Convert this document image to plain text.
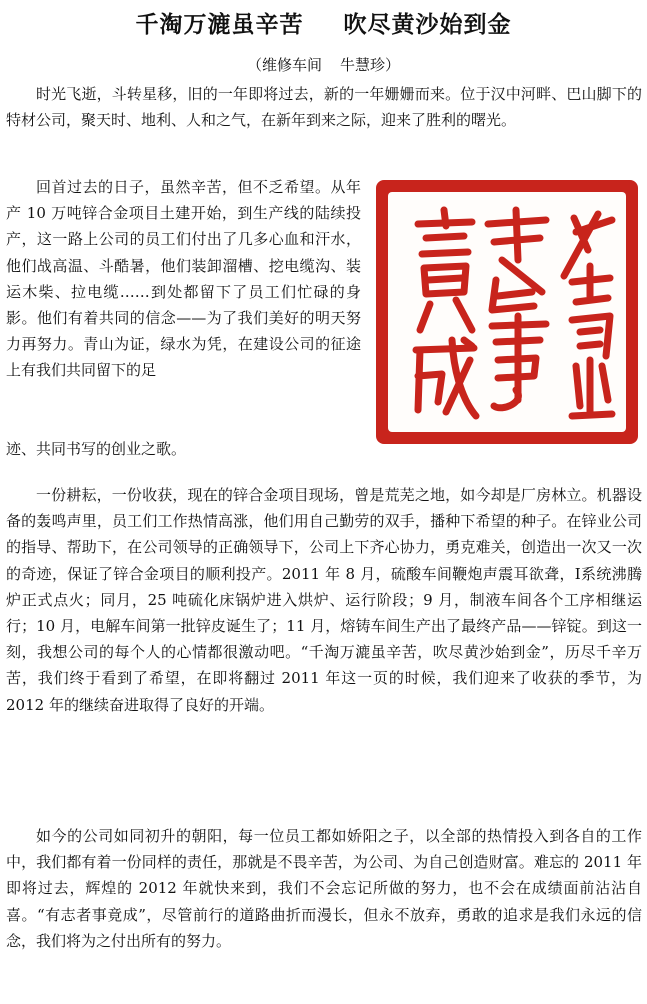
千淘万漉虽辛苦 吹尽黄沙始到金
（维修车间 牛慧珍）

时光飞逝，斗转星移，旧的一年即将过去，新的一年姗姗而来。位于汉中河畔、巴山脚下的特材公司，聚天时、地利、人和之气，在新年到来之际，迎来了胜利的曙光。

回首过去的日子，虽然辛苦，但不乏希望。从年产 10 万吨锌合金项目土建开始，到生产线的陆续投产，这一路上公司的员工们付出了几多心血和汗水，他们战高温、斗酷暑，他们装卸溜槽、挖电缆沟、装运木柴、拉电缆……到处都留下了员工们忙碌的身影。他们有着共同的信念——为了我们美好的明天努力再努力。青山为证，绿水为凭，在建设公司的征途上有我们共同留下的足

迹、共同书写的创业之歌。

一份耕耘，一份收获，现在的锌合金项目现场，曾是荒芜之地，如今却是厂房林立。机器设备的轰鸣声里，员工们工作热情高涨，他们用自己勤劳的双手，播种下希望的种子。在锌业公司的指导、帮助下，在公司领导的正确领导下，公司上下齐心协力，勇克难关，创造出一次又一次的奇迹，保证了锌合金项目的顺利投产。2011 年 8 月，硫酸车间鞭炮声震耳欲聋，Ⅰ系统沸腾炉正式点火；同月，25 吨硫化床锅炉进入烘炉、运行阶段；9 月，制液车间各个工序相继运行；10 月，电解车间第一批锌皮诞生了；11 月，熔铸车间生产出了最终产品——锌锭。到这一刻，我想公司的每个人的心情都很激动吧。“千淘万漉虽辛苦，吹尽黄沙始到金”，历尽千辛万苦，我们终于看到了希望，在即将翻过 2011 年这一页的时候，我们迎来了收获的季节，为 2012 年的继续奋进取得了良好的开端。

如今的公司如同初升的朝阳，每一位员工都如娇阳之子，以全部的热情投入到各自的工作中，我们都有着一份同样的责任，那就是不畏辛苦，为公司、为自己创造财富。难忘的 2011 年即将过去，辉煌的 2012 年就快来到，我们不会忘记所做的努力，也不会在成绩面前沾沾自喜。“有志者事竟成”，尽管前行的道路曲折而漫长，但永不放弃，勇敢的追求是我们永远的信念，我们将为之付出所有的努力。
